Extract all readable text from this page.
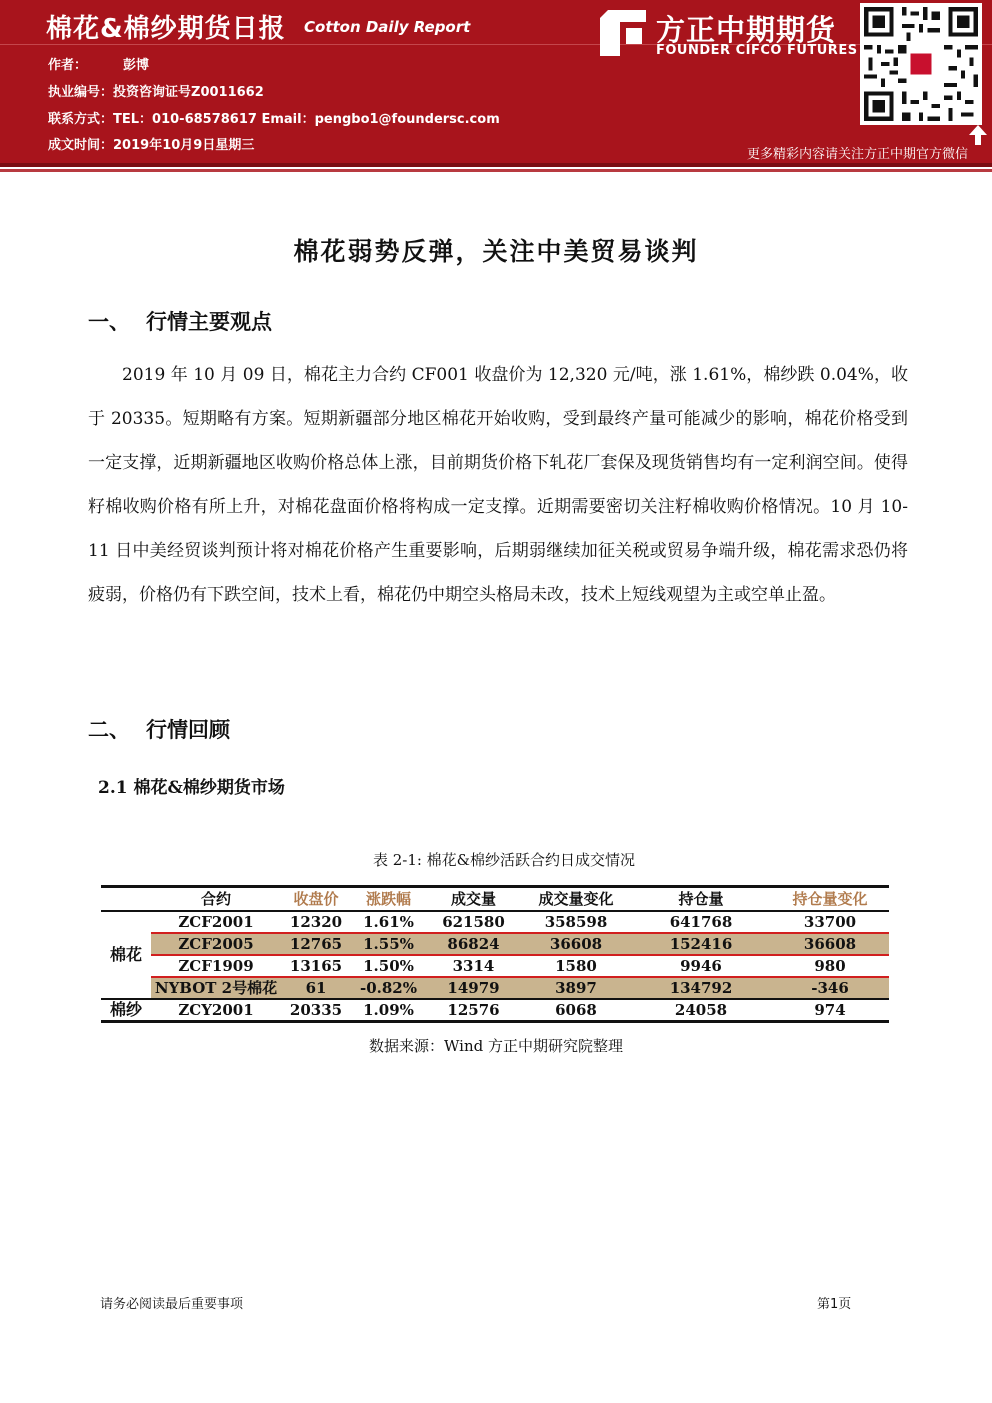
棉花&棉纱期货日报 Cotton Daily Report
作者：	彭博
执业编号：投资咨询证号Z0011662
联系方式：TEL：010-68578617 Email：pengbo1@foundersc.com
成文时间：2019年10月9日星期三
方正中期期货
FOUNDER CIFCO FUTURES
更多精彩内容请关注方正中期官方微信
棉花弱势反弹，关注中美贸易谈判
一、 行情主要观点
2019 年 10 月 09 日，棉花主力合约 CF001 收盘价为 12,320 元/吨，涨 1.61%，棉纱跌 0.04%，收于 20335。短期略有方案。短期新疆部分地区棉花开始收购，受到最终产量可能减少的影响，棉花价格受到一定支撑，近期新疆地区收购价格总体上涨，目前期货价格下轧花厂套保及现货销售均有一定利润空间。使得籽棉收购价格有所上升，对棉花盘面价格将构成一定支撑。近期需要密切关注籽棉收购价格情况。10 月 10-11 日中美经贸谈判预计将对棉花价格产生重要影响，后期弱继续加征关税或贸易争端升级，棉花需求恐仍将疲弱，价格仍有下跌空间，技术上看，棉花仍中期空头格局未改，技术上短线观望为主或空单止盈。
二、 行情回顾
2.1 棉花&棉纱期货市场
表 2-1: 棉花&棉纱活跃合约日成交情况
	合约	收盘价	涨跌幅	成交量	成交量变化	持仓量	持仓量变化
棉花	ZCF2001	12320	1.61%	621580	358598	641768	33700
	ZCF2005	12765	1.55%	86824	36608	152416	36608
	ZCF1909	13165	1.50%	3314	1580	9946	980
	NYBOT 2号棉花	61	-0.82%	14979	3897	134792	-346
棉纱	ZCY2001	20335	1.09%	12576	6068	24058	974
数据来源：Wind 方正中期研究院整理
请务必阅读最后重要事项	第1页
